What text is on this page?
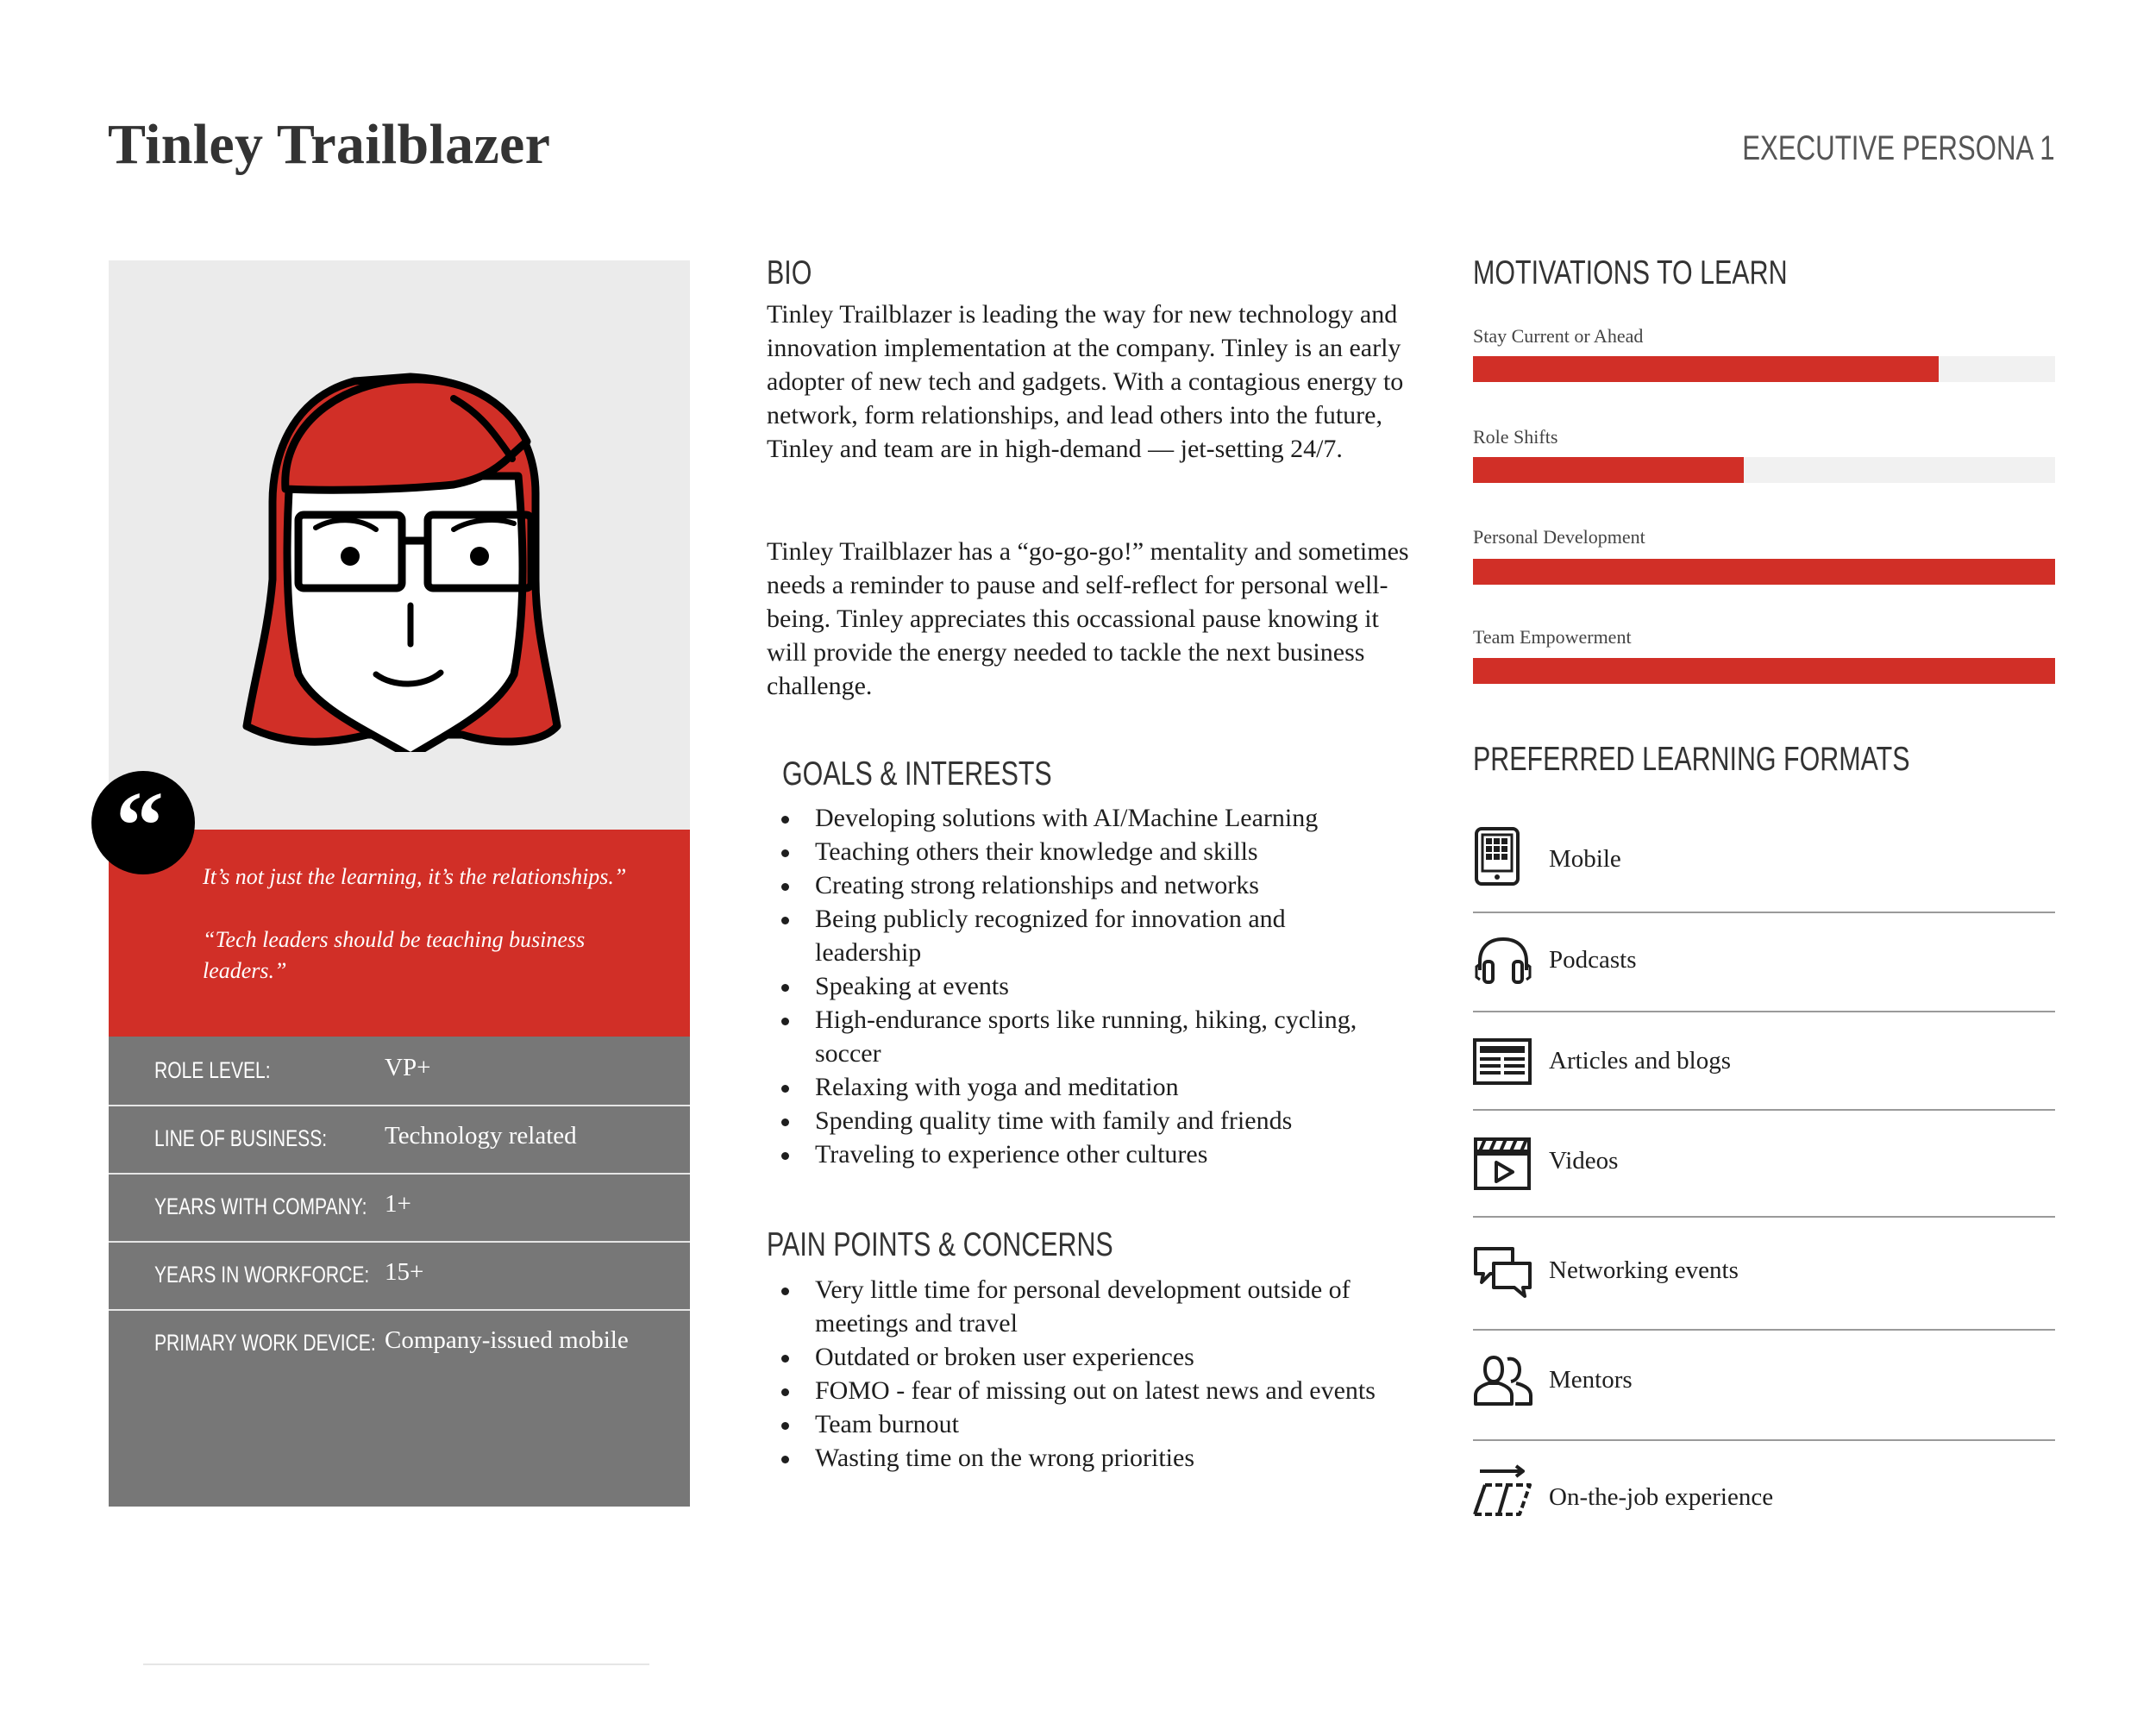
Tinley Trailblazer	EXECUTIVE PERSONA 1
It’s not just the learning, it’s the relationships.”
“Tech leaders should be teaching business leaders.”
“
ROLE LEVEL:	VP+
LINE OF BUSINESS: Technology related
YEARS WITH COMPANY: 1+
YEARS IN WORKFORCE: 15+
PRIMARY WORK DEVICE: Company-issued mobile
Social / Collaborative / Futuristic
BIO
Tinley Trailblazer is leading the way for new technology and innovation implementation at the company. Tinley is an early adopter of new tech and gadgets. With a contagious energy to network, form relationships, and lead others into the future, Tinley and team are in high-demand — jet-setting 24/7.
Tinley Trailblazer has a “go-go-go!” mentality and sometimes needs a reminder to pause and self-reflect for personal well-being. Tinley appreciates this occassional pause knowing it will provide the energy needed to tackle the next business challenge.
GOALS & INTERESTS
Developing solutions with AI/Machine Learning
Teaching others their knowledge and skills
Creating strong relationships and networks
Being publicly recognized for innovation and leadership
Speaking at events
High-endurance sports like running, hiking, cycling, soccer
Relaxing with yoga and meditation
Spending quality time with family and friends
Traveling to experience other cultures
PAIN POINTS & CONCERNS
Very little time for personal development outside of meetings and travel
Outdated or broken user experiences
FOMO - fear of missing out on latest news and events
Team burnout
Wasting time on the wrong priorities
MOTIVATIONS TO LEARN
Stay Current or Ahead
Role Shifts
Personal Development
Team Empowerment
PREFERRED LEARNING FORMATS
Mobile
Podcasts
Articles and blogs
Videos
Networking events
Mentors
On-the-job experience
